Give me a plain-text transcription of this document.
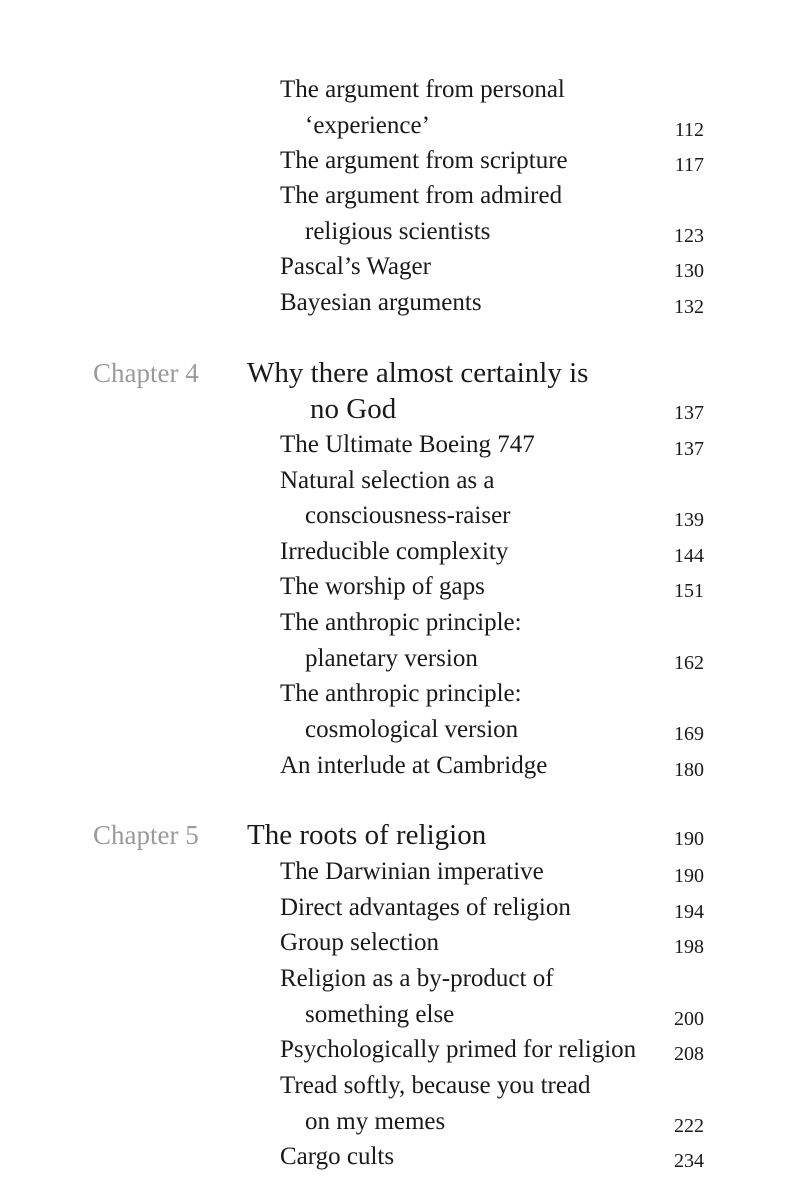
The argument from personal
‘experience’	112
The argument from scripture	117
The argument from admired
religious scientists	123
Pascal’s Wager	130
Bayesian arguments	132
Chapter 4 Why there almost certainly is
no God	137
The Ultimate Boeing 747	137
Natural selection as a
consciousness-raiser	139
Irreducible complexity	144
The worship of gaps	151
The anthropic principle:
planetary version	162
The anthropic principle:
cosmological version	169
An interlude at Cambridge	180
Chapter 5 The roots of religion	190
The Darwinian imperative	190
Direct advantages of religion	194
Group selection	198
Religion as a by-product of
something else	200
Psychologically primed for religion 208
Tread softly, because you tread
on my memes	222
Cargo cults	234
